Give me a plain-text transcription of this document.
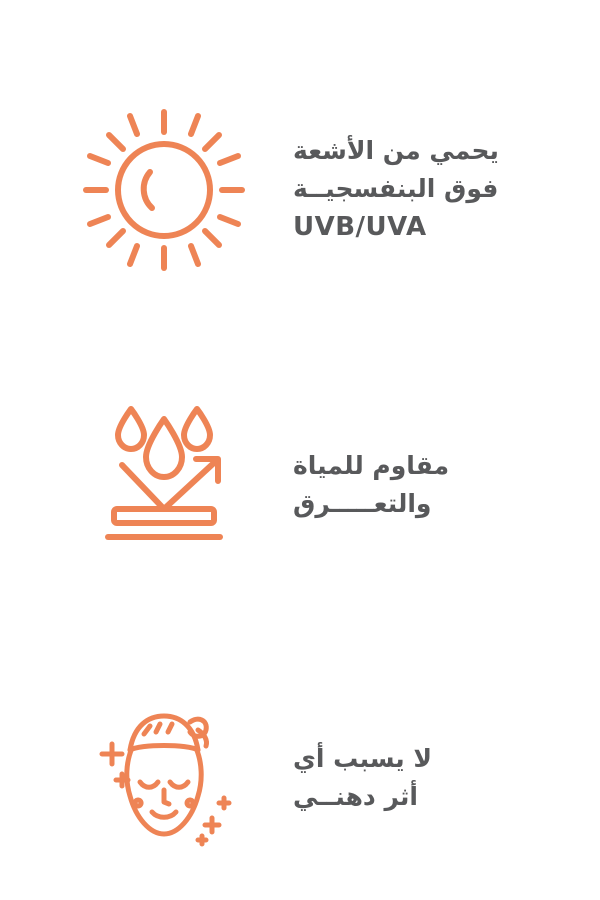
يحمي من الأشعة
فوق البنفسجيــة
UVB/UVA
مقاوم للمياة
والتعـــــرق
لا يسبب أي
أثر دهنــي
